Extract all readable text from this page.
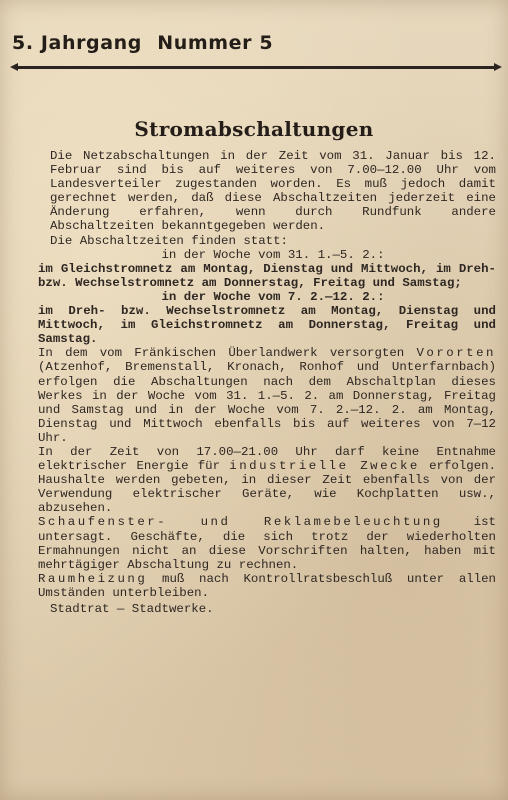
5. Jahrgang Nummer 5
Stromabschaltungen

Die Netzabschaltungen in der Zeit vom 31. Januar bis 12. Februar sind bis auf weiteres von 7.00—12.00 Uhr vom Landesverteiler zugestanden worden. Es muß jedoch damit gerechnet werden, daß diese Abschaltzeiten jederzeit eine Änderung erfahren, wenn durch Rundfunk andere Abschaltzeiten bekanntgegeben werden.

Die Abschaltzeiten finden statt:

in der Woche vom 31. 1.—5. 2.:

im Gleichstromnetz am Montag, Dienstag und Mittwoch, im Dreh- bzw. Wechselstromnetz am Donnerstag, Freitag und Samstag;

in der Woche vom 7. 2.—12. 2.:

im Dreh- bzw. Wechselstromnetz am Montag, Dienstag und Mittwoch, im Gleichstromnetz am Donnerstag, Freitag und Samstag.

In dem vom Fränkischen Überlandwerk versorgten Vororten (Atzenhof, Bremenstall, Kronach, Ronhof und Unterfarnbach) erfolgen die Abschaltungen nach dem Abschaltplan dieses Werkes in der Woche vom 31. 1.—5. 2. am Donnerstag, Freitag und Samstag und in der Woche vom 7. 2.—12. 2. am Montag, Dienstag und Mittwoch ebenfalls bis auf weiteres von 7—12 Uhr.

In der Zeit von 17.00—21.00 Uhr darf keine Entnahme elektrischer Energie für industrielle Zwecke erfolgen. Haushalte werden gebeten, in dieser Zeit ebenfalls von der Verwendung elektrischer Geräte, wie Kochplatten usw., abzusehen.

Schaufenster- und Reklamebeleuchtung ist untersagt. Geschäfte, die sich trotz der wiederholten Ermahnungen nicht an diese Vorschriften halten, haben mit mehrtägiger Abschaltung zu rechnen.

Raumheizung muß nach Kontrollratsbeschluß unter allen Umständen unterbleiben.

Stadtrat — Stadtwerke.
